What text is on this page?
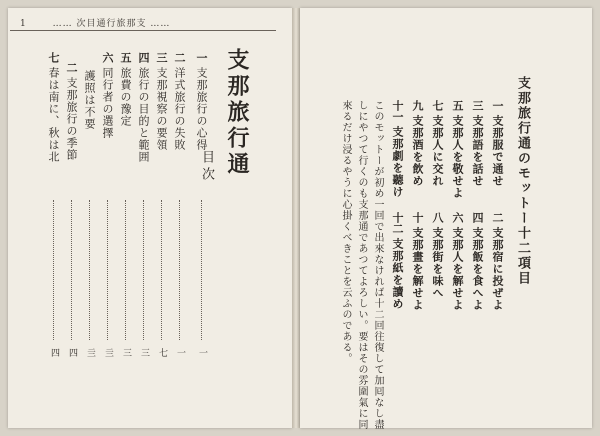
1	…… 次目通行旅那支 ……
支那旅行通
目次
一
支那旅行の心得
二
洋式旅行の失敗
三
支那視察の要領
四
旅行の目的と範囲
五
旅費の豫定
六
同行者の選擇
護照は不要
二
支那旅行の季節
七
春は南に、秋は北
一
一
七
三
三
亖
亖
四
四
支那旅行通のモットー十二項目
一
支那服で通せ
三
支那語を話せ
五
支那人を敬せよ
七
支那人に交れ
九
支那酒を飲め
十一
支那劇を聽け
二
支那宿に投ぜよ
四
支那飯を食へよ
六
支那人を解せよ
八
支那街を味へ
十
支那畫を解せよ
十二
支那紙を讀め
このモットーが初め一回で出來なければ十二回往復して加囘なし盡
しにやつて行くのも支那通であつてよろしい。要はその雰圍氣に同
來るだけ浸るやうに心掛くべきことを云ふのである。
